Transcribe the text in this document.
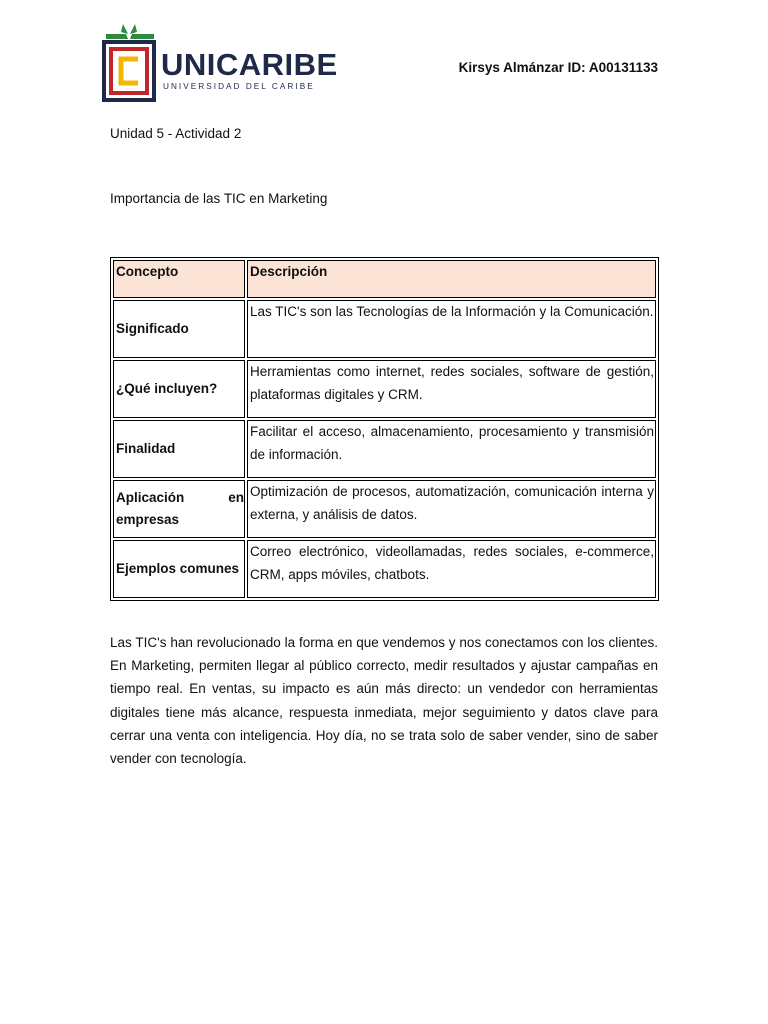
UNICARIBE
UNIVERSIDAD DEL CARIBE
Kirsys Almánzar ID: A00131133
Unidad 5 - Actividad 2
Importancia de las TIC en Marketing
Concepto	Descripción
Significado	Las TIC's son las Tecnologías de la Información y la Comunicación.
¿Qué incluyen?	Herramientas como internet, redes sociales, software de gestión, plataformas digitales y CRM.
Finalidad	Facilitar el acceso, almacenamiento, procesamiento y transmisión de información.
Aplicación en empresas	Optimización de procesos, automatización, comunicación interna y externa, y análisis de datos.
Ejemplos comunes	Correo electrónico, videollamadas, redes sociales, e-commerce, CRM, apps móviles, chatbots.
Las TIC's han revolucionado la forma en que vendemos y nos conectamos con los clientes. En Marketing, permiten llegar al público correcto, medir resultados y ajustar campañas en tiempo real. En ventas, su impacto es aún más directo: un vendedor con herramientas digitales tiene más alcance, respuesta inmediata, mejor seguimiento y datos clave para cerrar una venta con inteligencia. Hoy día, no se trata solo de saber vender, sino de saber vender con tecnología.
